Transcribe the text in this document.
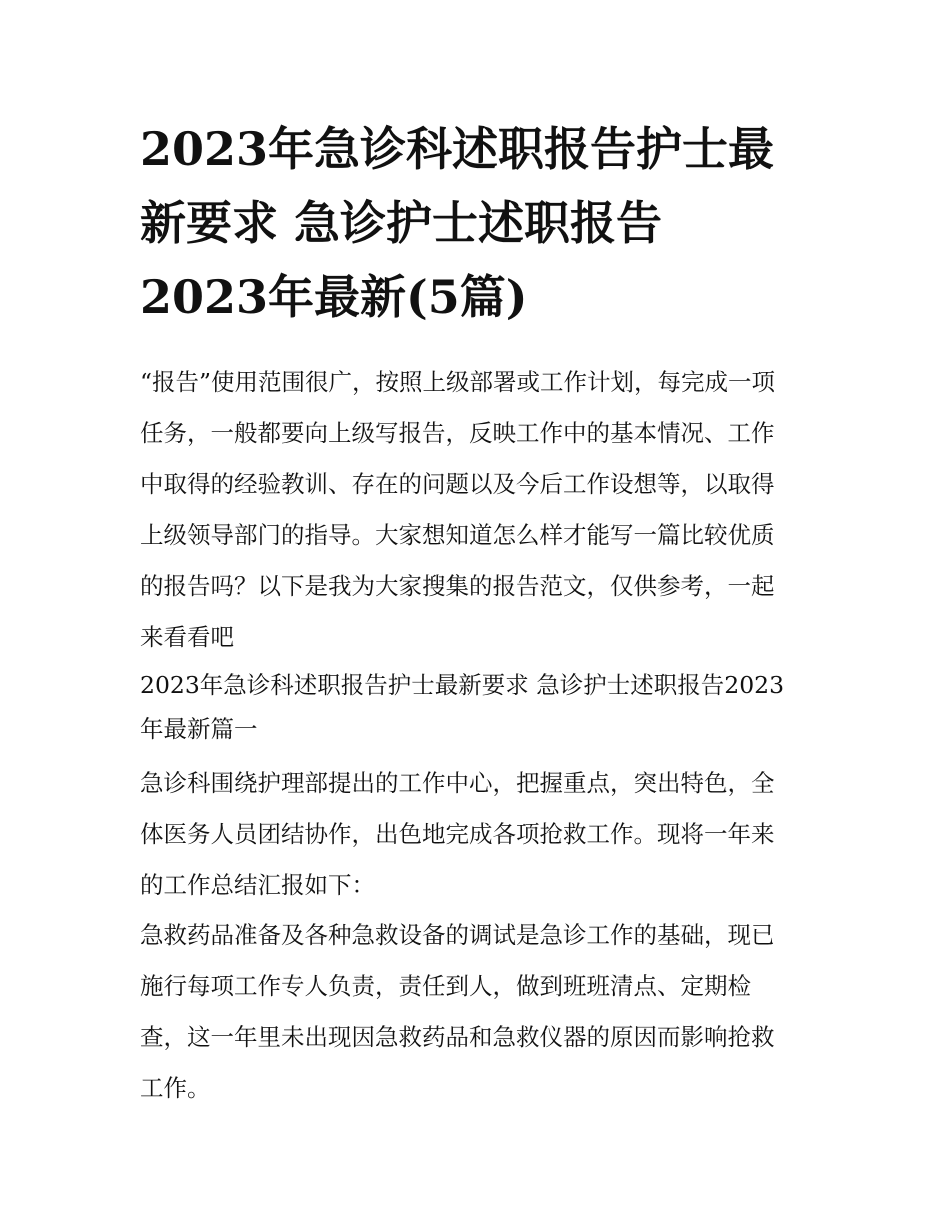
2023年急诊科述职报告护士最
新要求 急诊护士述职报告
2023年最新(5篇)
“报告”使用范围很广，按照上级部署或工作计划，每完成一项
任务，一般都要向上级写报告，反映工作中的基本情况、工作
中取得的经验教训、存在的问题以及今后工作设想等，以取得
上级领导部门的指导。大家想知道怎么样才能写一篇比较优质
的报告吗？以下是我为大家搜集的报告范文，仅供参考，一起
来看看吧
2023年急诊科述职报告护士最新要求 急诊护士述职报告2023
年最新篇一
急诊科围绕护理部提出的工作中心，把握重点，突出特色，全
体医务人员团结协作，出色地完成各项抢救工作。现将一年来
的工作总结汇报如下：
急救药品准备及各种急救设备的调试是急诊工作的基础，现已
施行每项工作专人负责，责任到人，做到班班清点、定期检
查，这一年里未出现因急救药品和急救仪器的原因而影响抢救
工作。
